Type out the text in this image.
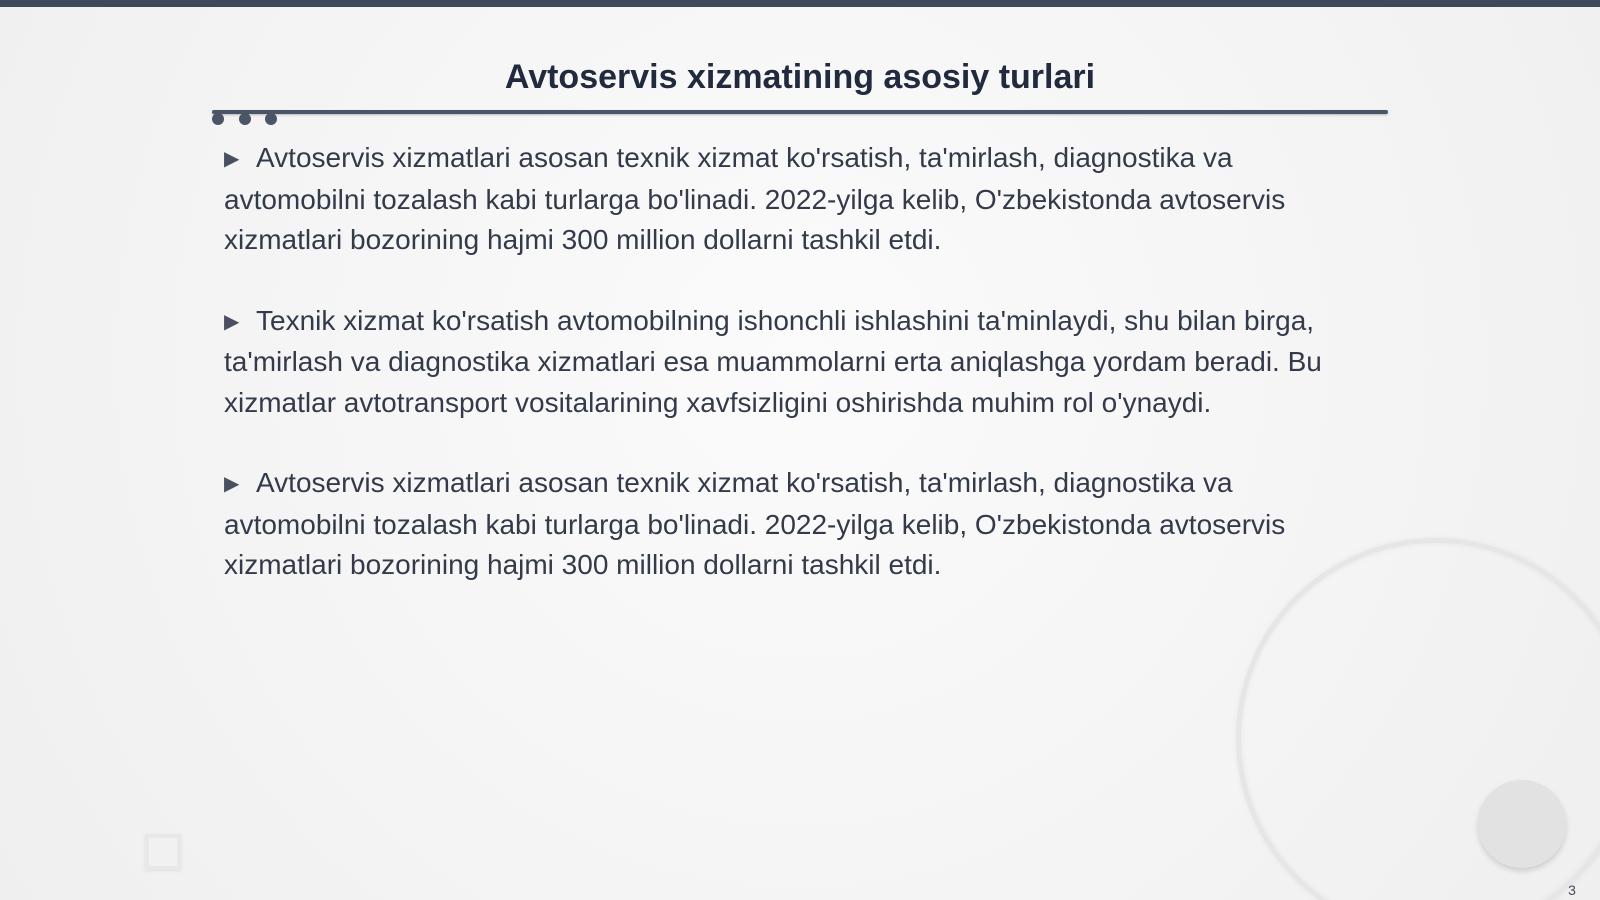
Avtoservis xizmatining asosiy turlari

▶ Avtoservis xizmatlari asosan texnik xizmat ko'rsatish, ta'mirlash, diagnostika va avtomobilni tozalash kabi turlarga bo'linadi. 2022-yilga kelib, O'zbekistonda avtoservis xizmatlari bozorining hajmi 300 million dollarni tashkil etdi.

▶ Texnik xizmat ko'rsatish avtomobilning ishonchli ishlashini ta'minlaydi, shu bilan birga, ta'mirlash va diagnostika xizmatlari esa muammolarni erta aniqlashga yordam beradi. Bu xizmatlar avtotransport vositalarining xavfsizligini oshirishda muhim rol o'ynaydi.

▶ Avtoservis xizmatlari asosan texnik xizmat ko'rsatish, ta'mirlash, diagnostika va avtomobilni tozalash kabi turlarga bo'linadi. 2022-yilga kelib, O'zbekistonda avtoservis xizmatlari bozorining hajmi 300 million dollarni tashkil etdi.

3
